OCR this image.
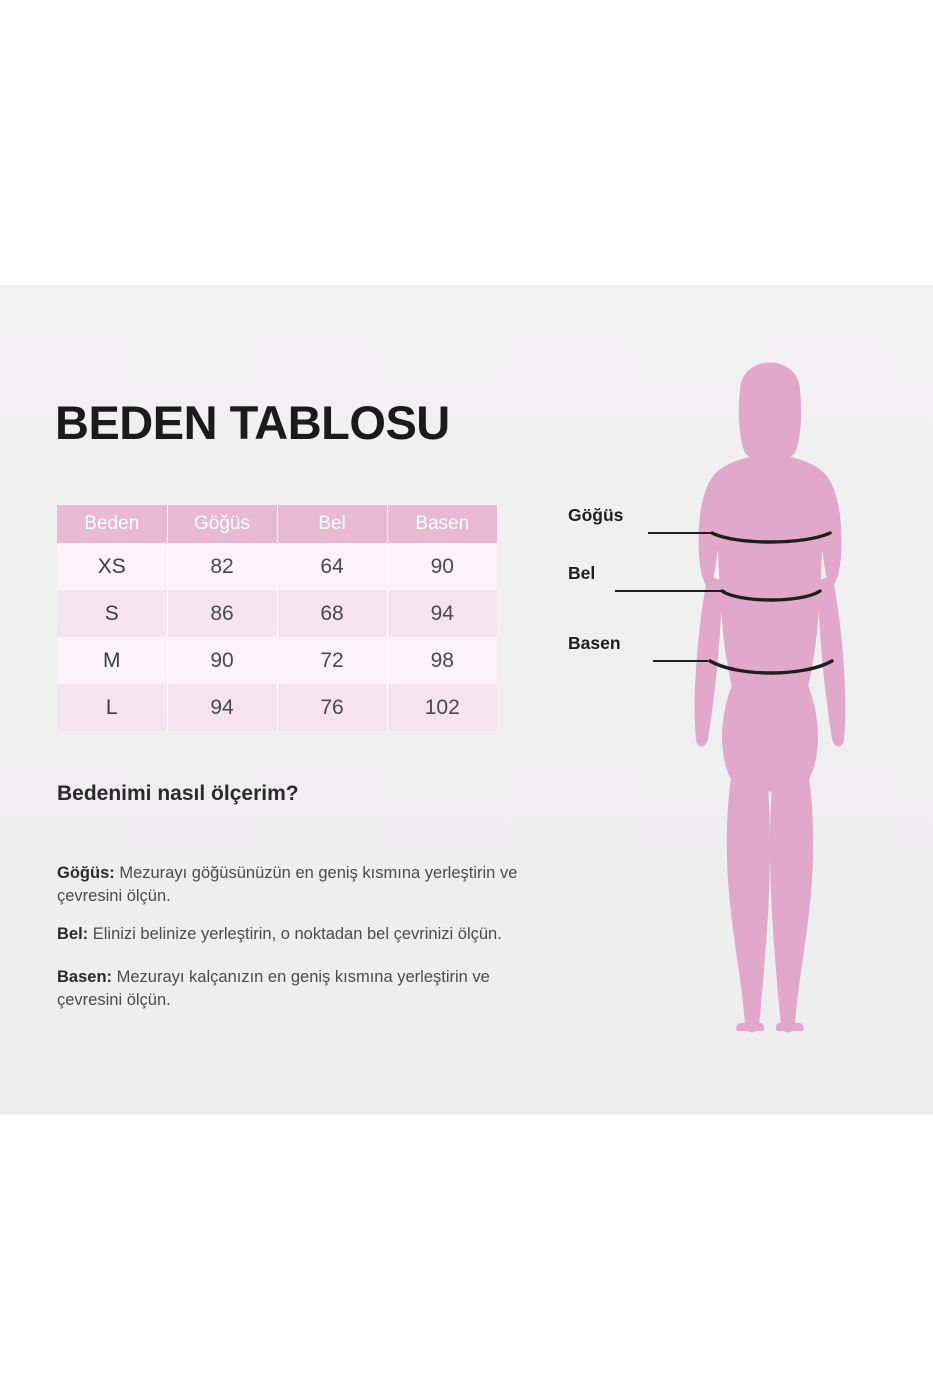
BEDEN TABLOSU
Beden	Göğüs	Bel	Basen
XS	82	64	90
S	86	68	94
M	90	72	98
L	94	76	102
Bedenimi nasıl ölçerim?

Göğüs: Mezurayı göğüsünüzün en geniş kısmına yerleştirin ve çevresini ölçün.

Bel: Elinizi belinize yerleştirin, o noktadan bel çevrinizi ölçün.

Basen: Mezurayı kalçanızın en geniş kısmına yerleştirin ve çevresini ölçün.

Göğüs
Bel
Basen
